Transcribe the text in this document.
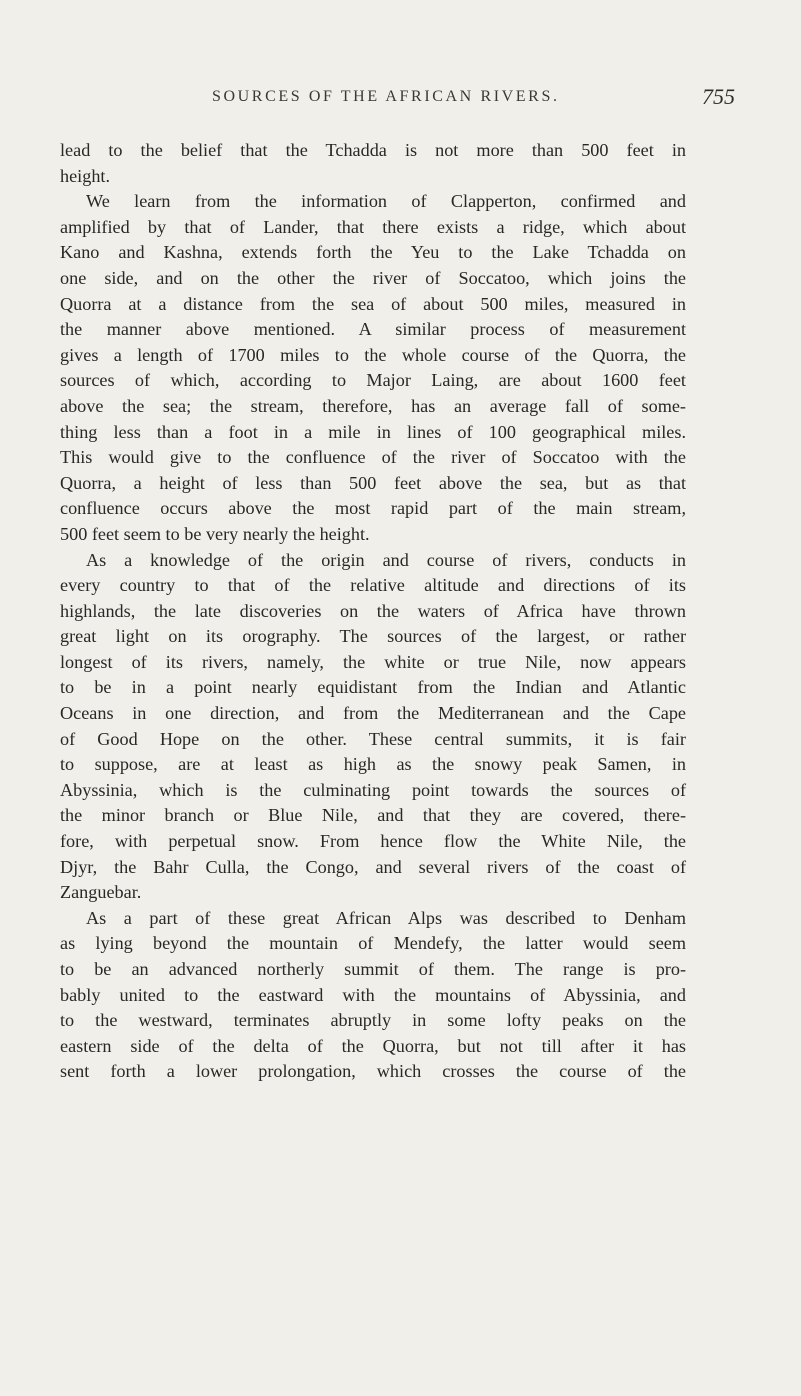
SOURCES OF THE AFRICAN RIVERS.	755
lead to the belief that the Tchadda is not more than 500 feet in
height.
We learn from the information of Clapperton, confirmed and
amplified by that of Lander, that there exists a ridge, which about
Kano and Kashna, extends forth the Yeu to the Lake Tchadda on
one side, and on the other the river of Soccatoo, which joins the
Quorra at a distance from the sea of about 500 miles, measured in
the manner above mentioned. A similar process of measurement
gives a length of 1700 miles to the whole course of the Quorra, the
sources of which, according to Major Laing, are about 1600 feet
above the sea; the stream, therefore, has an average fall of some-
thing less than a foot in a mile in lines of 100 geographical miles.
This would give to the confluence of the river of Soccatoo with the
Quorra, a height of less than 500 feet above the sea, but as that
confluence occurs above the most rapid part of the main stream,
500 feet seem to be very nearly the height.
As a knowledge of the origin and course of rivers, conducts in
every country to that of the relative altitude and directions of its
highlands, the late discoveries on the waters of Africa have thrown
great light on its orography. The sources of the largest, or rather
longest of its rivers, namely, the white or true Nile, now appears
to be in a point nearly equidistant from the Indian and Atlantic
Oceans in one direction, and from the Mediterranean and the Cape
of Good Hope on the other. These central summits, it is fair
to suppose, are at least as high as the snowy peak Samen, in
Abyssinia, which is the culminating point towards the sources of
the minor branch or Blue Nile, and that they are covered, there-
fore, with perpetual snow. From hence flow the White Nile, the
Djyr, the Bahr Culla, the Congo, and several rivers of the coast of
Zanguebar.
As a part of these great African Alps was described to Denham
as lying beyond the mountain of Mendefy, the latter would seem
to be an advanced northerly summit of them. The range is pro-
bably united to the eastward with the mountains of Abyssinia, and
to the westward, terminates abruptly in some lofty peaks on the
eastern side of the delta of the Quorra, but not till after it has
sent forth a lower prolongation, which crosses the course of the
